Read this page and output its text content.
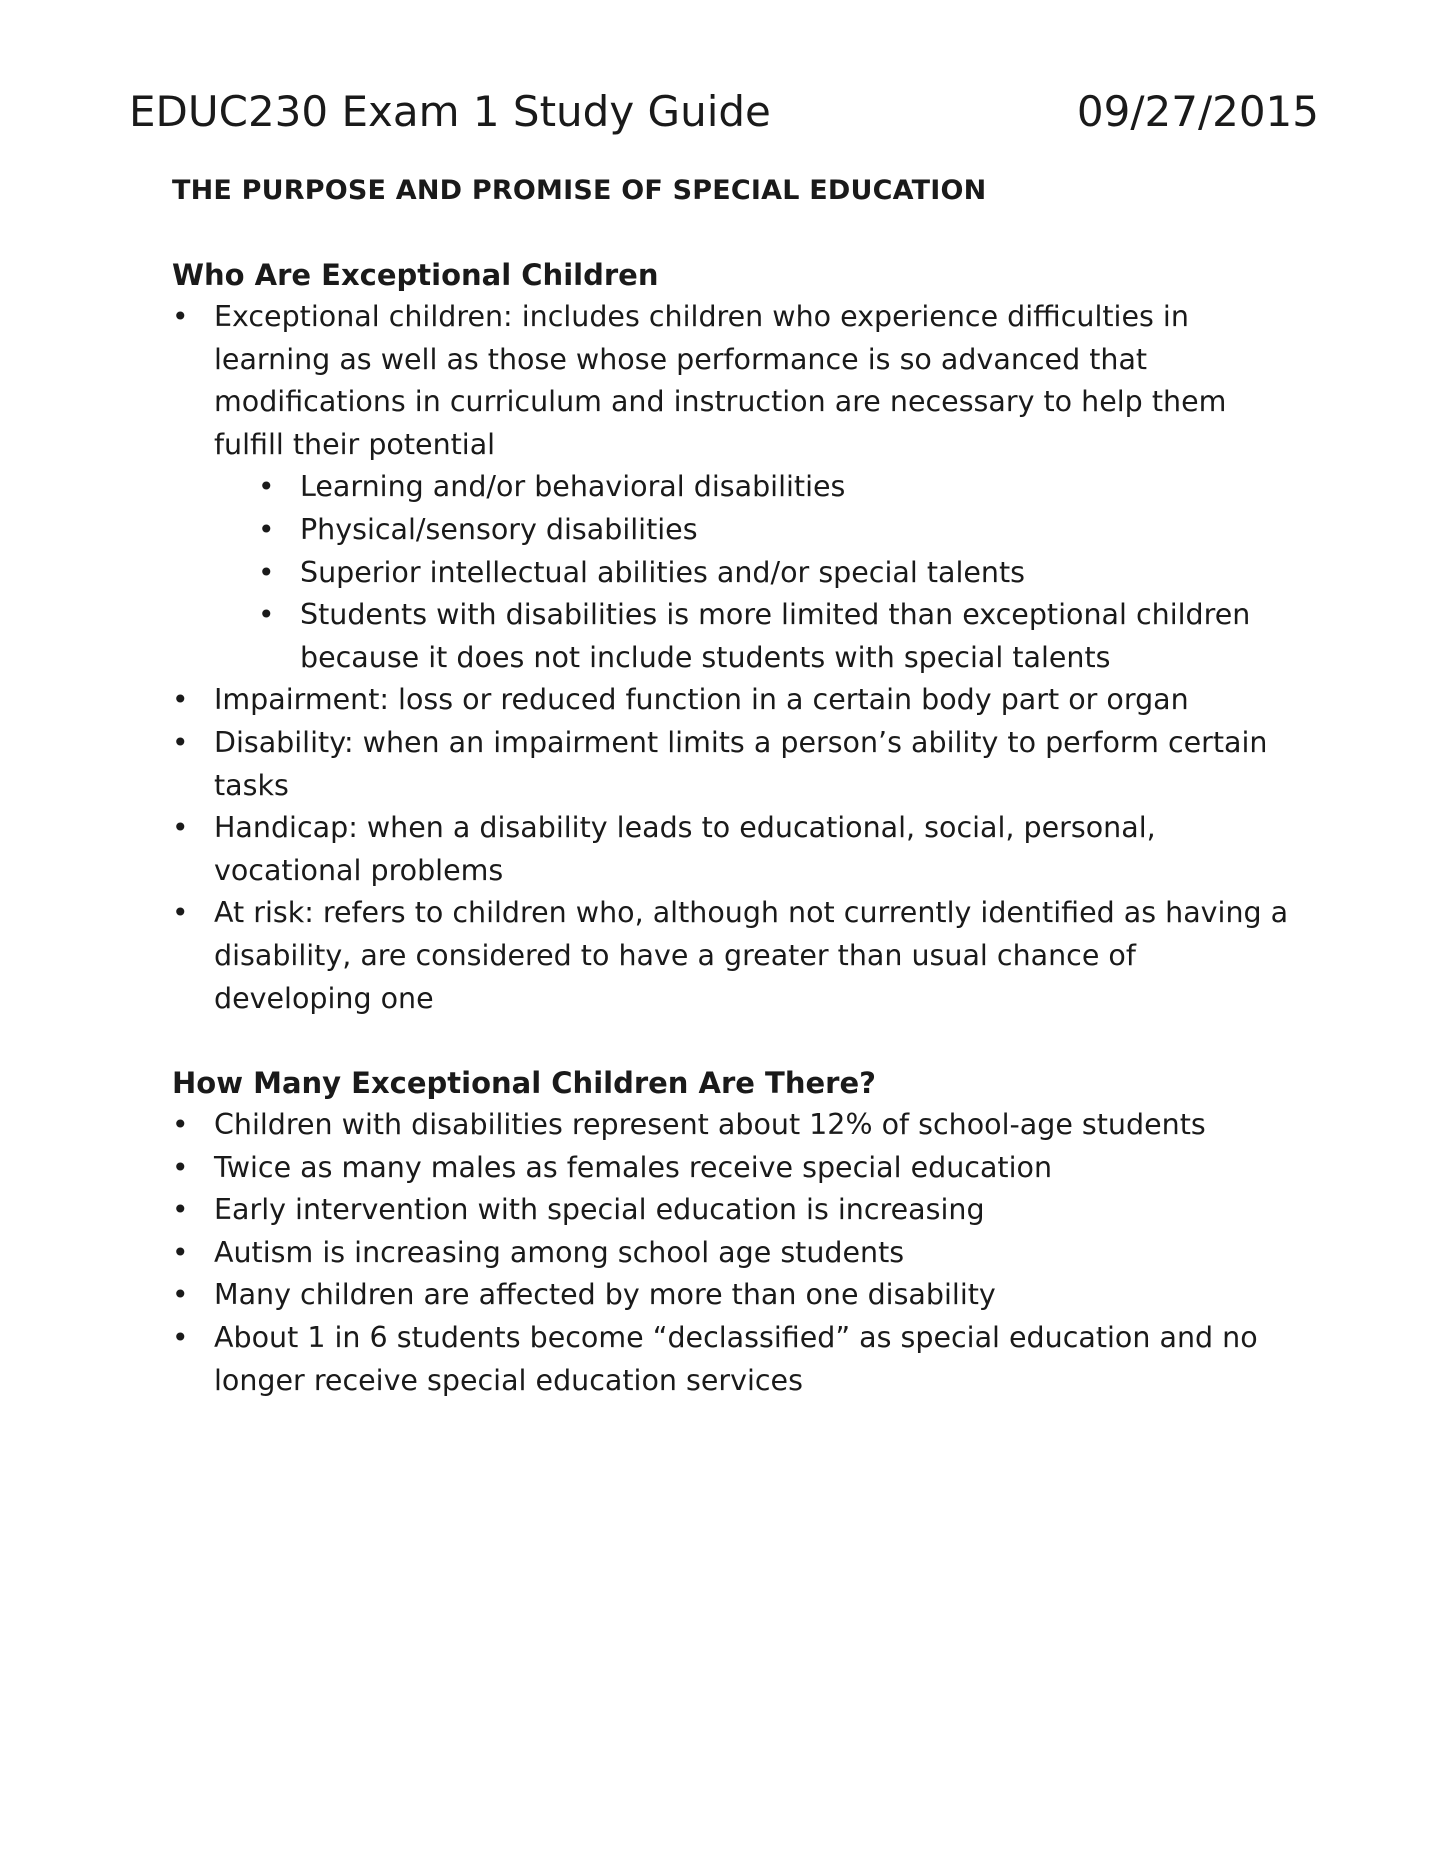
EDUC230 Exam 1 Study Guide	09/27/2015
THE PURPOSE AND PROMISE OF SPECIAL EDUCATION
Who Are Exceptional Children
• Exceptional children: includes children who experience difficulties in learning as well as those whose performance is so advanced that modifications in curriculum and instruction are necessary to help them fulfill their potential
• Learning and/or behavioral disabilities
• Physical/sensory disabilities
• Superior intellectual abilities and/or special talents
• Students with disabilities is more limited than exceptional children because it does not include students with special talents
• Impairment: loss or reduced function in a certain body part or organ
• Disability: when an impairment limits a person’s ability to perform certain tasks
• Handicap: when a disability leads to educational, social, personal, vocational problems
• At risk: refers to children who, although not currently identified as having a disability, are considered to have a greater than usual chance of developing one
How Many Exceptional Children Are There?
• Children with disabilities represent about 12% of school-age students
• Twice as many males as females receive special education
• Early intervention with special education is increasing
• Autism is increasing among school age students
• Many children are affected by more than one disability
• About 1 in 6 students become “declassified” as special education and no longer receive special education services
